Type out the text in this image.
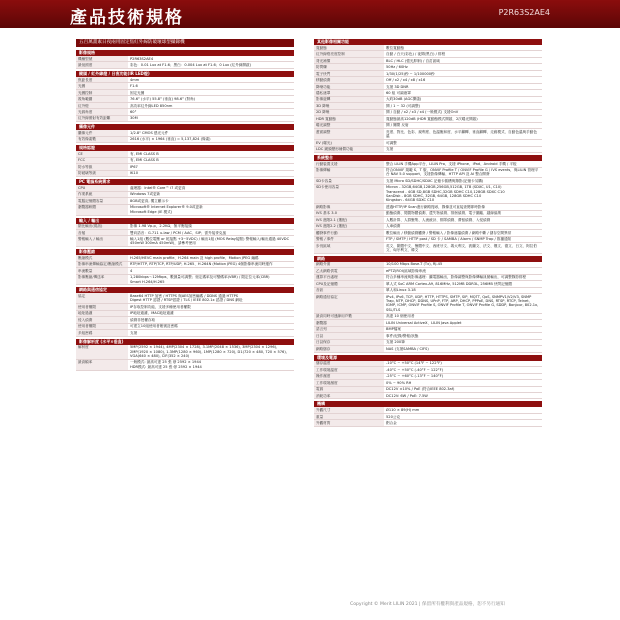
產品技術規格	P2R63S2AE4
五百萬畫素日夜兩用固定焦紅外線防破壞球型攝錄機
影像規格
機種型號	P2R63S2AE4
最低照度	彩色：0.01 Lux at F1.6；黑白：0.004 Lux at F1.6；0 Lux (紅外線開啟)
鏡頭 / 紅外線燈 / 日夜功能(IR LED燈)
焦距長度	4mm
光圈	F1.6
光圈控制	固定光圈
視角範圍	76.6° (水平) 55.8° (垂直) 98.6° (對角)
紅外燈	高功率紅外線LED 850nm
光源角度	60°
紅外線照射有效距離	30M
攝像元件
攝像元件	1/2.8" CMOS 感光元件
有效像素數	2616 (水平) × 1964 (垂直) = 5,137,824 (像素)
規格認證
CE	有, EMI CLASS B
FCC	有, EMI CLASS B
防水等級	IP67
防破壞等級	IK10
PC 電腦系統需求
CPU	處理器：Intel® Core™ i7 或更高
作業系統	Windows 7或更新
電腦記憶體容量	8GB或更高, 獨立顯示卡
瀏覽器軟體	Microsoft® Internet Explorer® 9.0或更新
Microsoft Edge (IE 模式)
輸入 / 輸出
類比輸出(視訊)	影像 1.98 Vp-p，2.2KΩ，無平衡接頭
音頻	雙向語音：G.711 u-law / PCM / AAC、SIP；需外接麥克風
警報輸入 / 輸出	輸入1組 (數位電壓 or 乾接點 +3~5VDC) / 輸出1組 (MOS Relay接點) 警報輸入/輸出通過 40VDC 450mW 300mA 450mW)，請參考使用
影像壓縮
壓縮模式	H.265/HEVC main profile、H.264 main 及 high profile、Motion JPEG 編碼
影像串流傳輸協定/壓縮模式	RTP/HTTP, RTP/TCP, RTP/UDP, H.265、H.264N (Motion JPEG) 4個影像串流同時運作
串流數量	4
影像壓縮/傳送率	1,280kbps～12Mbps，數據量可調整；恆定碼率及可變碼率(VBR) / 限定位元率(CBR)
Smart H.264/H.265
網路與通信協定
協定	Base64 HTTP 加密 / HTTPS 與AES加密編碼 / DDNS 通過 HTTPS
Digest HTTP 認證 / RTSP認證 / TLS / IEEE 802.1x 認證 / DNS 網址
使用者權限	IP存取控制功能，支援多種使用者權限
地址過濾	IP地址過濾，MAC地址過濾
侵入偵測	偵測非授權存取
使用者權限	可建立10組使用者帳號及密碼
多組密碼	支援
影像解析度 (水平×垂直)
解析度	5MP(2592 × 1944), 4MP(2304 × 1728), 3.1MP(2048 × 1536), 3MP(2304 × 1296), 2MP(1920 × 1080), 1.3MP(1280 × 960), 1MP(1280 × 720), D1(720 × 480, 720 × 576), VGA(640 × 480), CIF(352 × 240)
最高幀率	一般模式: 最高可達 25 張 @ 2592 × 1944
HDR模式: 最高可達 25 張 @ 2592 × 1944
其他影像相關功能
寬動態	數位寬動態
紅外線燈亮度控制	自動 / 白天(彩色) / 夜間(黑白) / 排程
背光補償	BLC / HLC (強光抑制) / 自訂區域
防閃爍	50Hz / 60Hz
電子快門	1/30(1/25)秒 ~ 1/100000秒
移動偵測	Off / x2 / x4 / x8 / x16
降噪功能	支援 3D DNR
隱私遮罩	60 組 可調遮罩
影像旋轉	大約30dB (AGC開啟)
3D 降噪	開 / 1 ~ 32 (可調整)
2D 降噪	開 / 自動 / x2 / x3 / x4 (一般模式) 支援OnV
HDR 寬動態	寬動態最高120dB (HDR 寬動態模式開啟，2次曝光開啟)
曝光調整	開 / 關閉 反射
畫面調整	亮度、對比、色彩、銳利度、色溫飽和度、水平翻轉、垂直翻轉、走廊模式、自動色溫與手動色溫
EV (曝光)	可調整
LDC 鏡頭變形補償功能	支援
系統整合
行動裝置支援	整合 LILIN 手機App平台，LILIN Pro，支援 iPhone、iPad、Android 手機 / 平板
影像傳輸	符合ONVIF 規範 S、T 版，ONVIF Profile T / ONVIF Profile G / IVS events，與LILIN 管理平台 NAV 5.0 support，支援影像傳輸、HTTP API 及 AI 整合開發
SD卡容量	支援 Micro SD/SDHC/SDXC 記憶卡插槽與錄影(記憶卡另購)
SD卡使用容量	Micron - 32GB,64GB,128GB,256GB,512GB, 1TB (SDXC, U1, C10)
Transcend - 4GB SD,8GB SDHC,32GB SDHC C10,128GB SDXC C10
SanDisk - 8GB SDHC, 32GB, 64GB, 128GB SDHC C10
Kingston - 64GB SDXC C10
網路影像	透過HTTP/IP Scan進行網路搜尋，錄像並可直接查閱即時影像
IVS 基本 3.0	動態偵測、閒置物體偵測、遺失物偵測、徘徊偵測、電子圍籬、越線偵測
IVS 進階2.1 (選配)	人數計算、人群聚集、人流統計、排隊偵測、滯留偵測、入侵偵測
IVS 進階2.2 (選配)	人車偵測
觸發事件行動	數位輸出 / 移動偵測觸發 / 警報輸入 / 影像遮擋偵測 / 網路中斷 / 儲存空間異常
警報 / 事件	FTP / SMTP / HTTP post / SD 卡 / SAMBA / Alarm / SNMP Trap / 推播通知
步伐區域	英文、繁體中文、簡體中文、西班牙文、義大利文、波蘭文、法文、俄文、德文、日文、阿拉伯文、匈牙利文、韓文
網路
網路介面	10/100 Mbps Base-T (Tx), RJ-45
乙太網路供電	ePTZ(ROI)區域影像串流
運算平台處理	符合多種串流與影像處理：繼電器輸出，影像調整與影像傳輸訊號輸出，可調整錄影排程
CPU及記憶體	單人式 SoC ARM Cortex-A9, 816MHz, 512MB DDR3L, 256MB 快閃記憶體
音訊	單人和Linux 3.18
網路通信協定	IPv4, IPv6, TCP, UDP, HTTP, HTTPS, SMTP, SIP, MQTT, QoS, SNMPV1/V2/V3, SNMP Trap, NTP, DHCP, DDNS, UPnP, FTP, ARP, DHCP, PPPoE, DNS, RTSP, RTCP, Telnet, IGMP, ICMP, ONVIF Profile S, ONVIF Profile T, ONVIF Profile G, SDDP, Bonjour, 802.1x, SSL/TLS
最高同時可連線用戶數	高達 10 個使用者
瀏覽器	LILIN Universal ActiveX、LILIN Java Applet
語言列	BMP檔案
日誌	事件/紀錄/警報/狀態
日誌保存	支援 200筆
網路儲存	NAS (支援SAMBA / CIFS)
環境及電源
儲存溫度	-10°C ~ +50°C (14°F ~ 122°F)
工作環境溫度	-40°C ~ +50°C (-40°F ~ 122°F)
操作濕度	-25°C ~ +60°C (-13°F ~ 140°F)
工作環境濕度	0% ~ 90% RH
電源	DC12V ±10% / PoE (符合IEEE 802.3af)
消耗功率	DC12V: 6W / PoE: 7.5W
機構
外觀尺寸	Ø110 × 89(H) mm
重量	520公克
外觀材質	鋁合金
Copyright © Merit LILIN 2021 | 保留所有權利與產品規格，恕不另行通知
